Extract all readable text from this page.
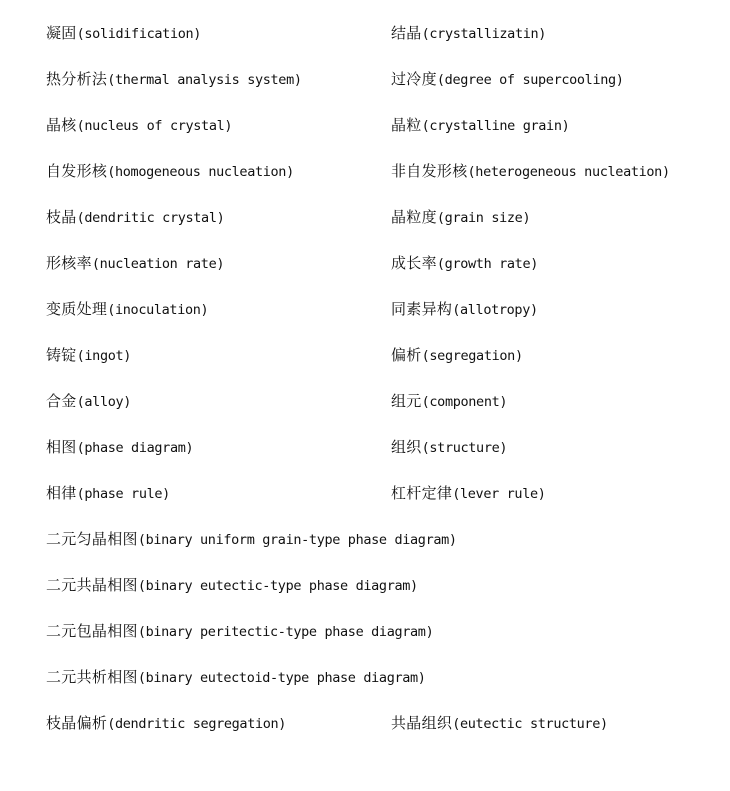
凝固(solidification)	结晶(crystallizatin)
热分析法(thermal analysis system)	过冷度(degree of supercooling)
晶核(nucleus of crystal)	晶粒(crystalline grain)
自发形核(homogeneous nucleation)	非自发形核(heterogeneous nucleation)
枝晶(dendritic crystal)	晶粒度(grain size)
形核率(nucleation rate)	成长率(growth rate)
变质处理(inoculation)	同素异构(allotropy)
铸锭(ingot)	偏析(segregation)
合金(alloy)	组元(component)
相图(phase diagram)	组织(structure)
相律(phase rule)	杠杆定律(lever rule)
二元匀晶相图(binary uniform grain-type phase diagram)
二元共晶相图(binary eutectic-type phase diagram)
二元包晶相图(binary peritectic-type phase diagram)
二元共析相图(binary eutectoid-type phase diagram)
枝晶偏析(dendritic segregation)	共晶组织(eutectic structure)
